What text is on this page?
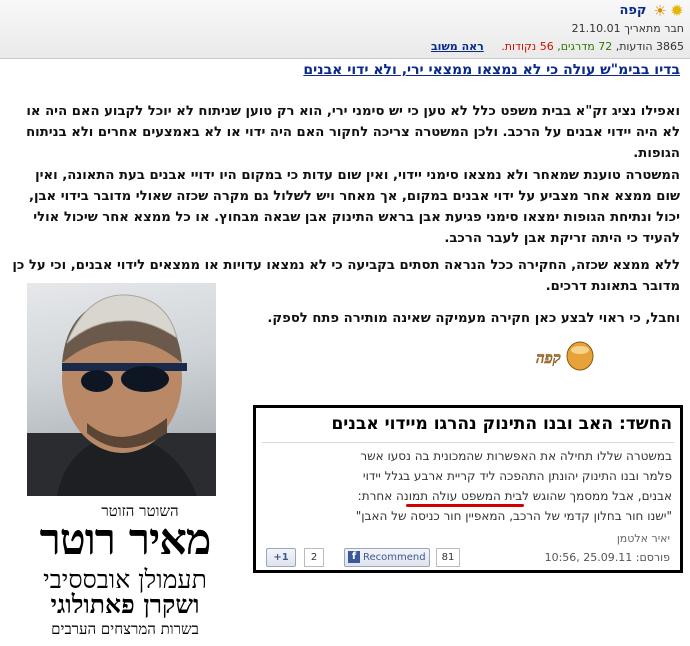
✹☀ קפה
חבר מתאריך 21.10.01
3865 הודעות, 72 מדרגים, 56 נקודות. ראה משוב
בדיו בבימ"ש עולה כי לא נמצאו ממצאי ירי, ולא ידוי אבנים
ואפילו נציג זק"א בבית משפט כלל לא טען כי יש סימני ירי, הוא רק טוען שניתוח לא יוכל לקבוע האם היה או לא היה יידוי אבנים על הרכב. ולכן המשטרה צריכה לחקור האם היה ידוי או לא באמצעים אחרים ולא בניתוח הגופות.
המשטרה טוענת שמאחר ולא נמצאו סימני יידוי, ואין שום עדות כי במקום היו ידויי אבנים בעת התאונה, ואין שום ממצא אחר מצביע על ידוי אבנים במקום, אך מאחר ויש לשלול גם מקרה שכזה שאולי מדובר בידוי אבן, יכול ונתיחת הגופות ימצאו סימני פגיעת אבן בראש התינוק אבן שבאה מבחוץ. או כל ממצא אחר שיכול אולי להעיד כי היתה זריקת אבן לעבר הרכב.
ללא ממצא שכזה, החקירה ככל הנראה תסתים בקביעה כי לא נמצאו עדויות או ממצאים לידוי אבנים, וכי על כן מדובר בתאונת דרכים.
וחבל, כי ראוי לבצע כאן חקירה מעמיקה שאינה מותירה פתח לספק.
השוטר הזוטר
מאיר רוטר
תעמולן אובססיבי
ושקרן פאתולוגי
בשרות המרצחים הערבים
קפה
החשד: האב ובנו התינוק נהרגו מיידוי אבנים
במשטרה שללו תחילה את האפשרות שהמכונית בה נסעו אשר
פלמר ובנו התינוק יהונתן התהפכה ליד קריית ארבע בגלל יידוי
אבנים, אבל ממסמך שהוגש לבית המשפט עולה תמונה אחרת:
"ישנו חור בחלון קדמי של הרכב, המאפיין חור כניסה של האבן"
יאיר אלטמן
פורסם: 25.09.11 ,10:56
81
f Recommend
2
+1
